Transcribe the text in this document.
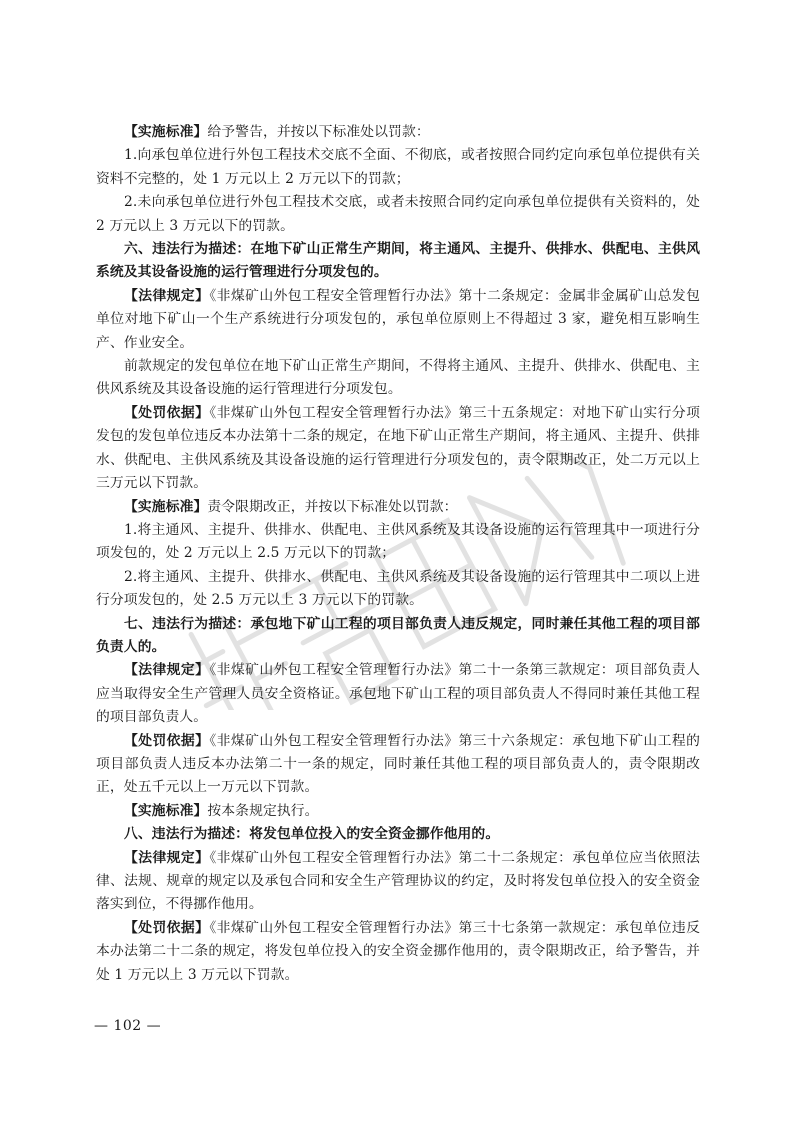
【实施标准】给予警告，并按以下标准处以罚款：

1.向承包单位进行外包工程技术交底不全面、不彻底，或者按照合同约定向承包单位提供有关资料不完整的，处 1 万元以上 2 万元以下的罚款；

2.未向承包单位进行外包工程技术交底，或者未按照合同约定向承包单位提供有关资料的，处 2 万元以上 3 万元以下的罚款。

六、违法行为描述：在地下矿山正常生产期间，将主通风、主提升、供排水、供配电、主供风系统及其设备设施的运行管理进行分项发包的。

【法律规定】《非煤矿山外包工程安全管理暂行办法》第十二条规定：金属非金属矿山总发包单位对地下矿山一个生产系统进行分项发包的，承包单位原则上不得超过 3 家，避免相互影响生产、作业安全。

前款规定的发包单位在地下矿山正常生产期间，不得将主通风、主提升、供排水、供配电、主供风系统及其设备设施的运行管理进行分项发包。

【处罚依据】《非煤矿山外包工程安全管理暂行办法》第三十五条规定：对地下矿山实行分项发包的发包单位违反本办法第十二条的规定，在地下矿山正常生产期间，将主通风、主提升、供排水、供配电、主供风系统及其设备设施的运行管理进行分项发包的，责令限期改正，处二万元以上三万元以下罚款。

【实施标准】责令限期改正，并按以下标准处以罚款：

1.将主通风、主提升、供排水、供配电、主供风系统及其设备设施的运行管理其中一项进行分项发包的，处 2 万元以上 2.5 万元以下的罚款；

2.将主通风、主提升、供排水、供配电、主供风系统及其设备设施的运行管理其中二项以上进行分项发包的，处 2.5 万元以上 3 万元以下的罚款。

七、违法行为描述：承包地下矿山工程的项目部负责人违反规定，同时兼任其他工程的项目部负责人的。

【法律规定】《非煤矿山外包工程安全管理暂行办法》第二十一条第三款规定：项目部负责人应当取得安全生产管理人员安全资格证。承包地下矿山工程的项目部负责人不得同时兼任其他工程的项目部负责人。

【处罚依据】《非煤矿山外包工程安全管理暂行办法》第三十六条规定：承包地下矿山工程的项目部负责人违反本办法第二十一条的规定，同时兼任其他工程的项目部负责人的，责令限期改正，处五千元以上一万元以下罚款。

【实施标准】按本条规定执行。

八、违法行为描述：将发包单位投入的安全资金挪作他用的。

【法律规定】《非煤矿山外包工程安全管理暂行办法》第二十二条规定：承包单位应当依照法律、法规、规章的规定以及承包合同和安全生产管理协议的约定，及时将发包单位投入的安全资金落实到位，不得挪作他用。

【处罚依据】《非煤矿山外包工程安全管理暂行办法》第三十七条第一款规定：承包单位违反本办法第二十二条的规定，将发包单位投入的安全资金挪作他用的，责令限期改正，给予警告，并处 1 万元以上 3 万元以下罚款。

— 102 —
